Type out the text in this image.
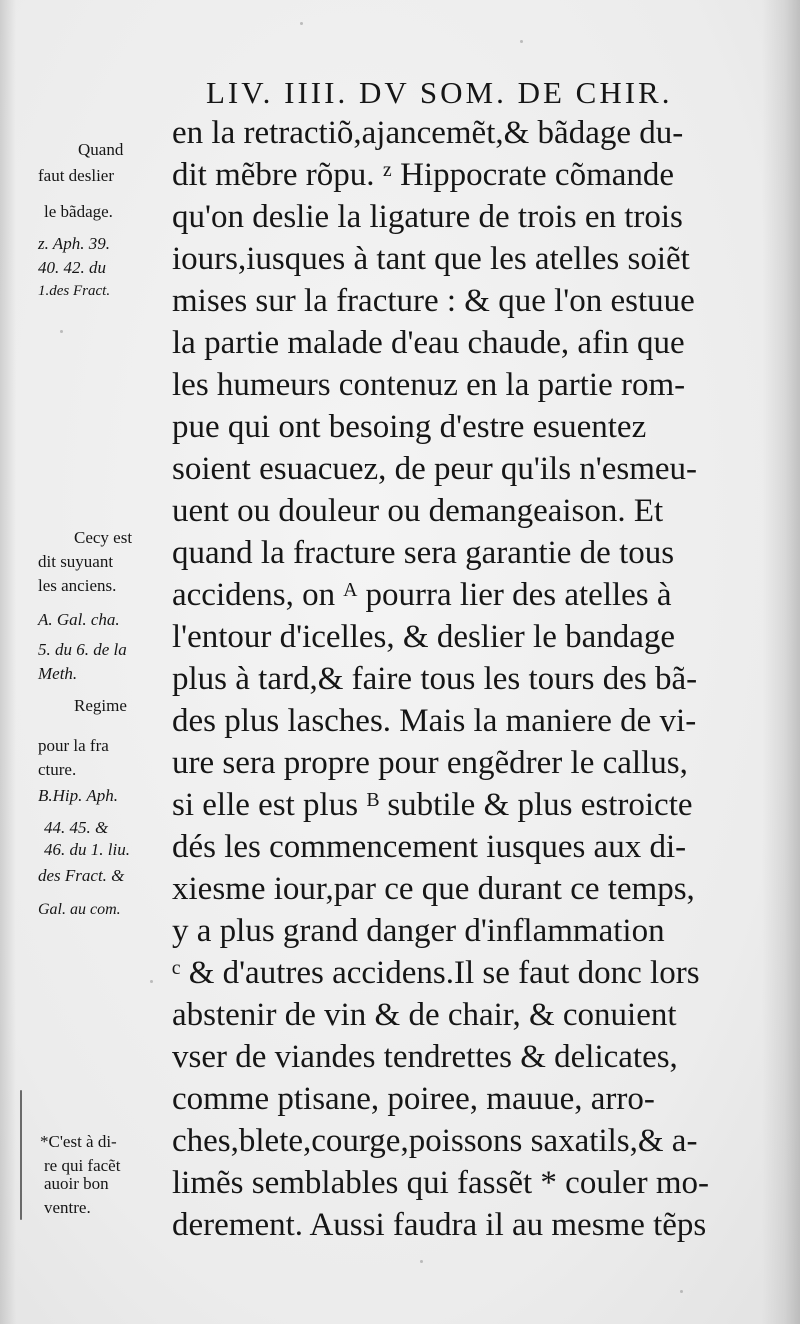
LIV. IIII. DV SOM. DE CHIR.
en la retractiõ,ajancemẽt,& bãdage du-
dit mẽbre rõpu. ᶻ Hippocrate cõmande
qu'on deslie la ligature de trois en trois
iours,iusques à tant que les atelles soiẽt
mises sur la fracture : & que l'on estuue
la partie malade d'eau chaude, afin que
les humeurs contenuz en la partie rom-
pue qui ont besoing d'estre esuentez
soient esuacuez, de peur qu'ils n'esmeu-
uent ou douleur ou demangeaison. Et
quand la fracture sera garantie de tous
accidens, on ᴬ pourra lier des atelles à
l'entour d'icelles, & deslier le bandage
plus à tard,& faire tous les tours des bã-
des plus lasches. Mais la maniere de vi-
ure sera propre pour engẽdrer le callus,
si elle est plus ᴮ subtile & plus estroicte
dés les commencement iusques aux di-
xiesme iour,par ce que durant ce temps,
y a plus grand danger d'inflammation
ᶜ & d'autres accidens.Il se faut donc lors
abstenir de vin & de chair, & conuient
vser de viandes tendrettes & delicates,
comme ptisane, poiree, mauue, arro-
ches,blete,courge,poissons saxatils,& a-
limẽs semblables qui fassẽt * couler mo-
derement. Aussi faudra il au mesme tẽps
Quand
faut deslier
le bãdage.
z. Aph. 39.
40. 42. du
1.des Fract.
Cecy est
dit suyuant
les anciens.
A. Gal. cha.
5. du 6. de la
Meth.
Regime
pour la fra
cture.
B.Hip. Aph.
44. 45. &
46. du 1. liu.
des Fract. &
Gal. au com.
*C'est à di-
re qui facẽt
auoir bon
ventre.
